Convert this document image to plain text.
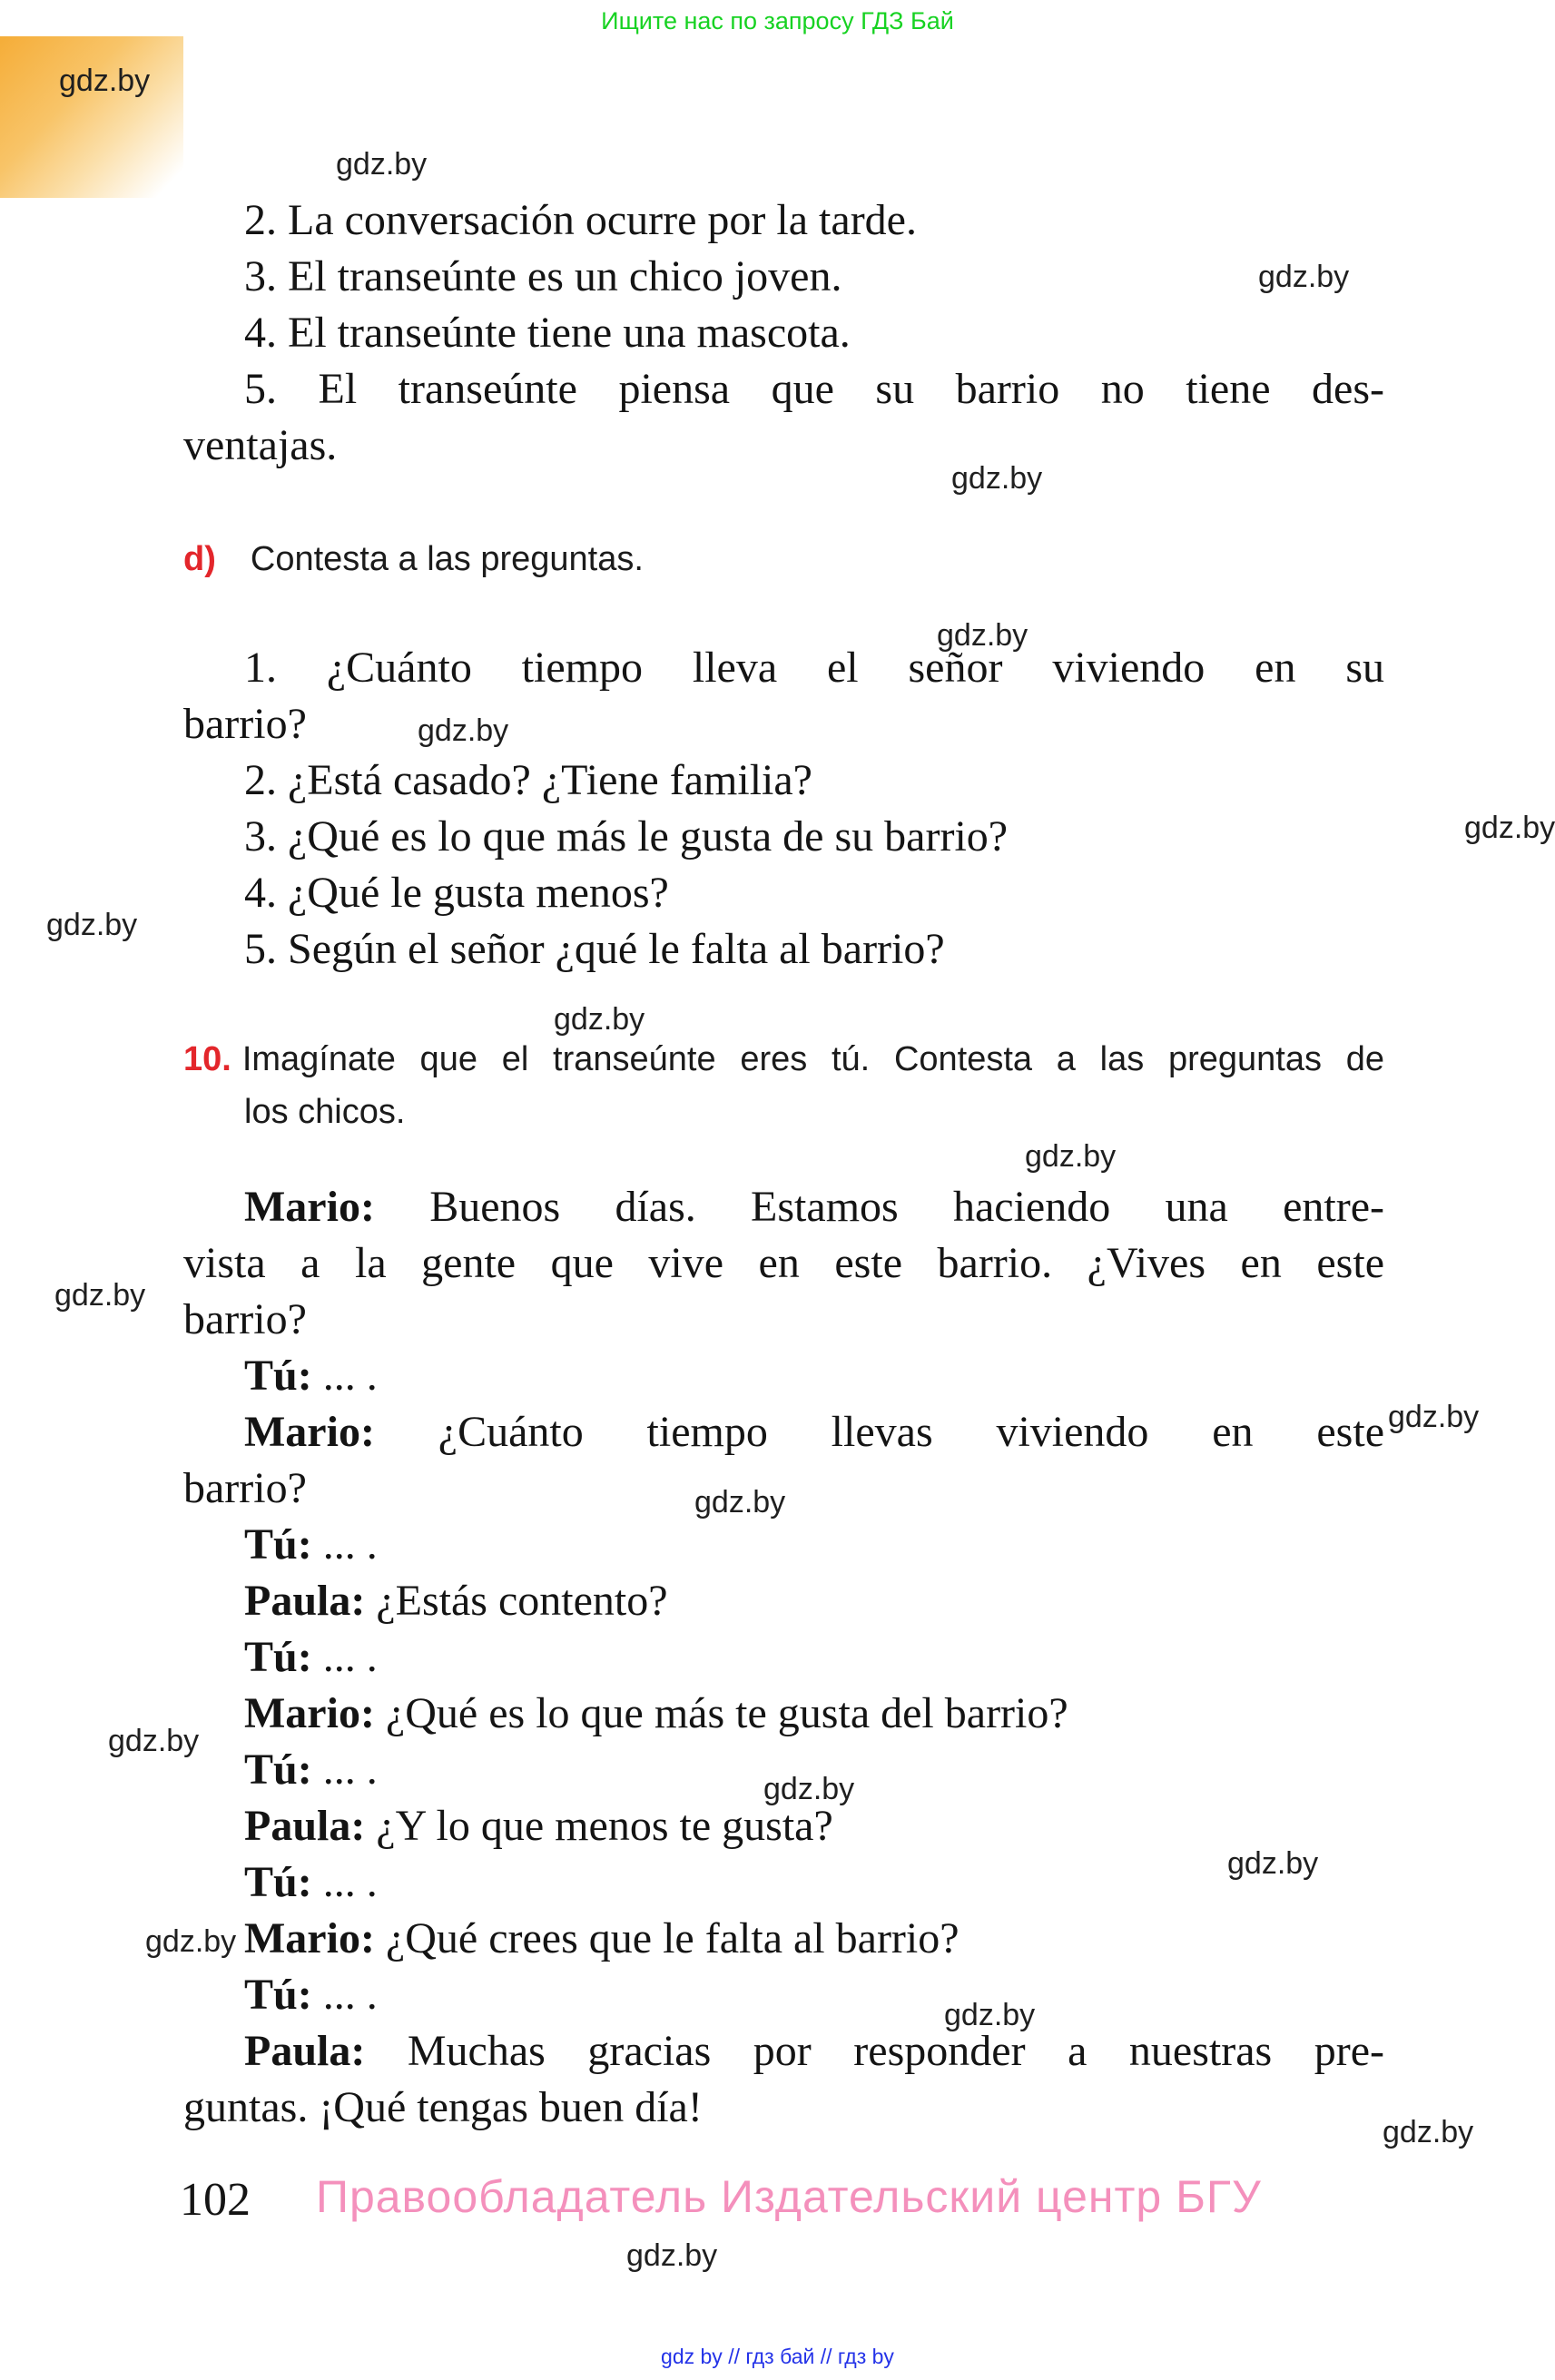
Ищите нас по запросу ГДЗ Бай
gdz.by
gdz.by
gdz.by
gdz.by
gdz.by
gdz.by
gdz.by
gdz.by
gdz.by
gdz.by
gdz.by
gdz.by
gdz.by
gdz.by
gdz.by
gdz.by
gdz.by
gdz.by
gdz.by
gdz.by
2. La conversación ocurre por la tarde.
3. El transeúnte es un chico joven.
4. El transeúnte tiene una mascota.
5. El transeúnte piensa que su barrio no tiene des-
ventajas.
d) Contesta a las preguntas.
1. ¿Cuánto tiempo lleva el señor viviendo en su
barrio?
2. ¿Está casado? ¿Tiene familia?
3. ¿Qué es lo que más le gusta de su barrio?
4. ¿Qué le gusta menos?
5. Según el señor ¿qué le falta al barrio?
10. Imagínate que el transeúnte eres tú. Contesta a las preguntas de
los chicos.
Mario: Buenos días. Estamos haciendo una entre-
vista a la gente que vive en este barrio. ¿Vives en este
barrio?
Tú: ... .
Mario: ¿Cuánto tiempo llevas viviendo en este
barrio?
Tú: ... .
Paula: ¿Estás contento?
Tú: ... .
Mario: ¿Qué es lo que más te gusta del barrio?
Tú: ... .
Paula: ¿Y lo que menos te gusta?
Tú: ... .
Mario: ¿Qué crees que le falta al barrio?
Tú: ... .
Paula: Muchas gracias por responder a nuestras pre-
guntas. ¡Qué tengas buen día!
102 Правообладатель Издательский центр БГУ
gdz by // гдз бай // гдз by
